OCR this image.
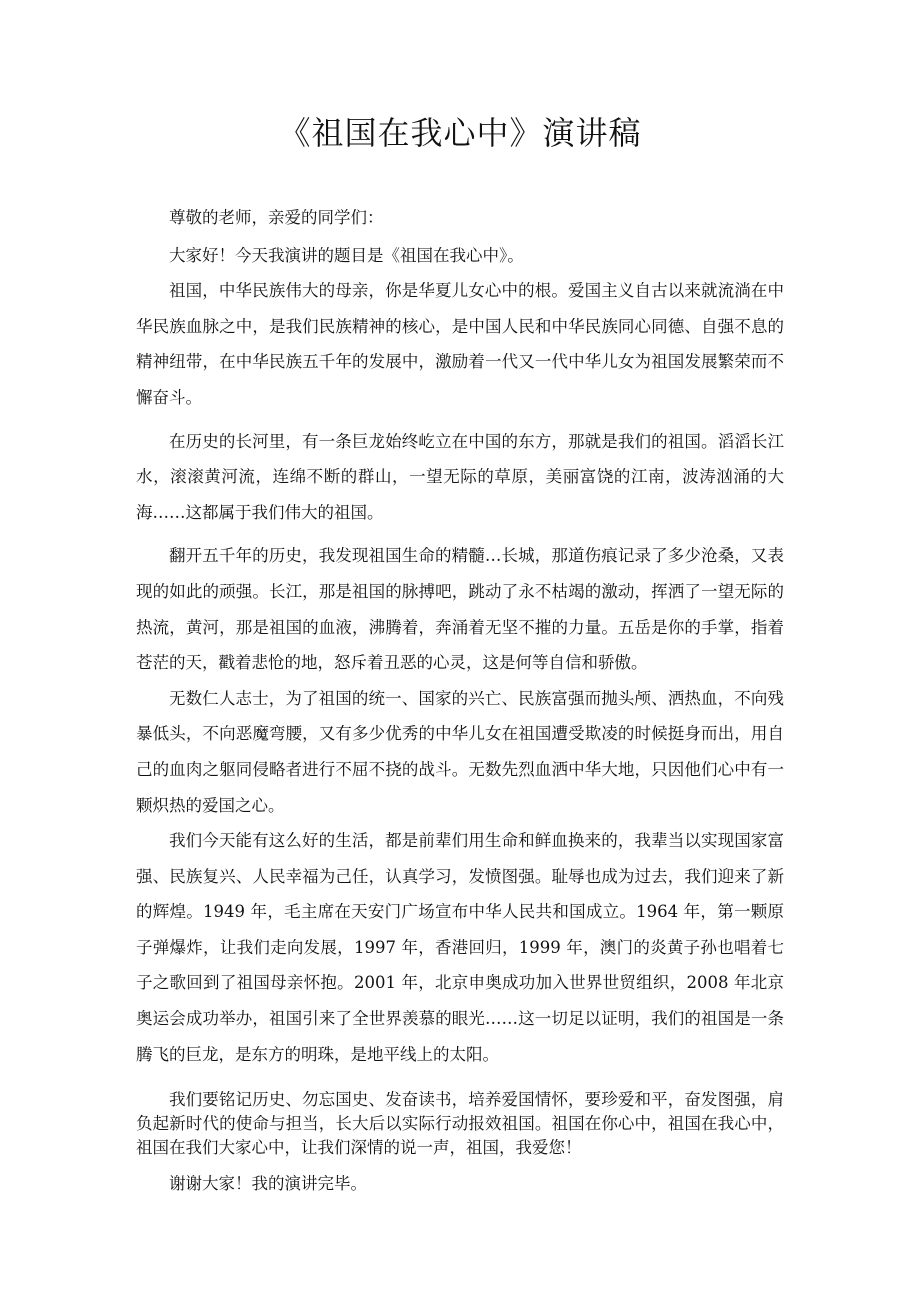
《祖国在我心中》演讲稿

尊敬的老师，亲爱的同学们：

大家好！今天我演讲的题目是《祖国在我心中》。

祖国，中华民族伟大的母亲，你是华夏儿女心中的根。爱国主义自古以来就流淌在中华民族血脉之中，是我们民族精神的核心，是中国人民和中华民族同心同德、自强不息的精神纽带，在中华民族五千年的发展中，激励着一代又一代中华儿女为祖国发展繁荣而不懈奋斗。

在历史的长河里，有一条巨龙始终屹立在中国的东方，那就是我们的祖国。滔滔长江水，滚滚黄河流，连绵不断的群山，一望无际的草原，美丽富饶的江南，波涛汹涌的大海……这都属于我们伟大的祖国。

翻开五千年的历史，我发现祖国生命的精髓…长城，那道伤痕记录了多少沧桑，又表现的如此的顽强。长江，那是祖国的脉搏吧，跳动了永不枯竭的激动，挥洒了一望无际的热流，黄河，那是祖国的血液，沸腾着，奔涌着无坚不摧的力量。五岳是你的手掌，指着苍茫的天，戳着悲怆的地，怒斥着丑恶的心灵，这是何等自信和骄傲。

无数仁人志士，为了祖国的统一、国家的兴亡、民族富强而抛头颅、洒热血，不向残暴低头，不向恶魔弯腰，又有多少优秀的中华儿女在祖国遭受欺凌的时候挺身而出，用自己的血肉之躯同侵略者进行不屈不挠的战斗。无数先烈血洒中华大地，只因他们心中有一颗炽热的爱国之心。

我们今天能有这么好的生活，都是前辈们用生命和鲜血换来的，我辈当以实现国家富强、民族复兴、人民幸福为己任，认真学习，发愤图强。耻辱也成为过去，我们迎来了新的辉煌。1949 年，毛主席在天安门广场宣布中华人民共和国成立。1964 年，第一颗原子弹爆炸，让我们走向发展，1997 年，香港回归，1999 年，澳门的炎黄子孙也唱着七子之歌回到了祖国母亲怀抱。2001 年，北京申奥成功加入世界世贸组织，2008 年北京奥运会成功举办，祖国引来了全世界羡慕的眼光……这一切足以证明，我们的祖国是一条腾飞的巨龙，是东方的明珠，是地平线上的太阳。

我们要铭记历史、勿忘国史、发奋读书，培养爱国情怀，要珍爱和平，奋发图强，肩负起新时代的使命与担当，长大后以实际行动报效祖国。祖国在你心中，祖国在我心中，祖国在我们大家心中，让我们深情的说一声，祖国，我爱您！

谢谢大家！我的演讲完毕。
